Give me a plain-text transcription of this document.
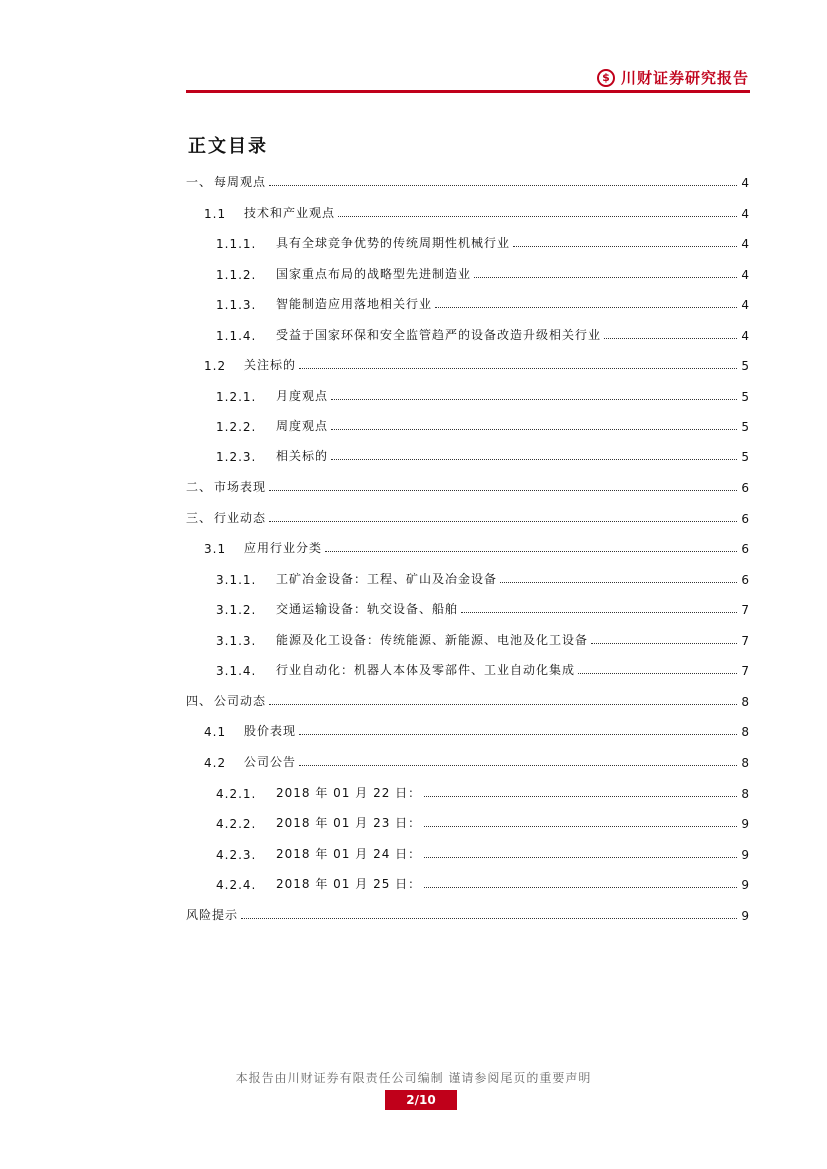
$ 川财证券研究报告
正文目录
一、 每周观点	4
1.1	技术和产业观点	4
1.1.1.	具有全球竞争优势的传统周期性机械行业	4
1.1.2.	国家重点布局的战略型先进制造业	4
1.1.3.	智能制造应用落地相关行业	4
1.1.4.	受益于国家环保和安全监管趋严的设备改造升级相关行业	4
1.2	关注标的	5
1.2.1.	月度观点	5
1.2.2.	周度观点	5
1.2.3.	相关标的	5
二、 市场表现	6
三、 行业动态	6
3.1	应用行业分类	6
3.1.1.	工矿冶金设备：工程、矿山及冶金设备	6
3.1.2.	交通运输设备：轨交设备、船舶	7
3.1.3.	能源及化工设备：传统能源、新能源、电池及化工设备	7
3.1.4.	行业自动化：机器人本体及零部件、工业自动化集成	7
四、 公司动态	8
4.1	股价表现	8
4.2	公司公告	8
4.2.1.	2018 年 01 月 22 日：	8
4.2.2.	2018 年 01 月 23 日：	9
4.2.3.	2018 年 01 月 24 日：	9
4.2.4.	2018 年 01 月 25 日：	9
风险提示	9
本报告由川财证券有限责任公司编制 谨请参阅尾页的重要声明
2/10
